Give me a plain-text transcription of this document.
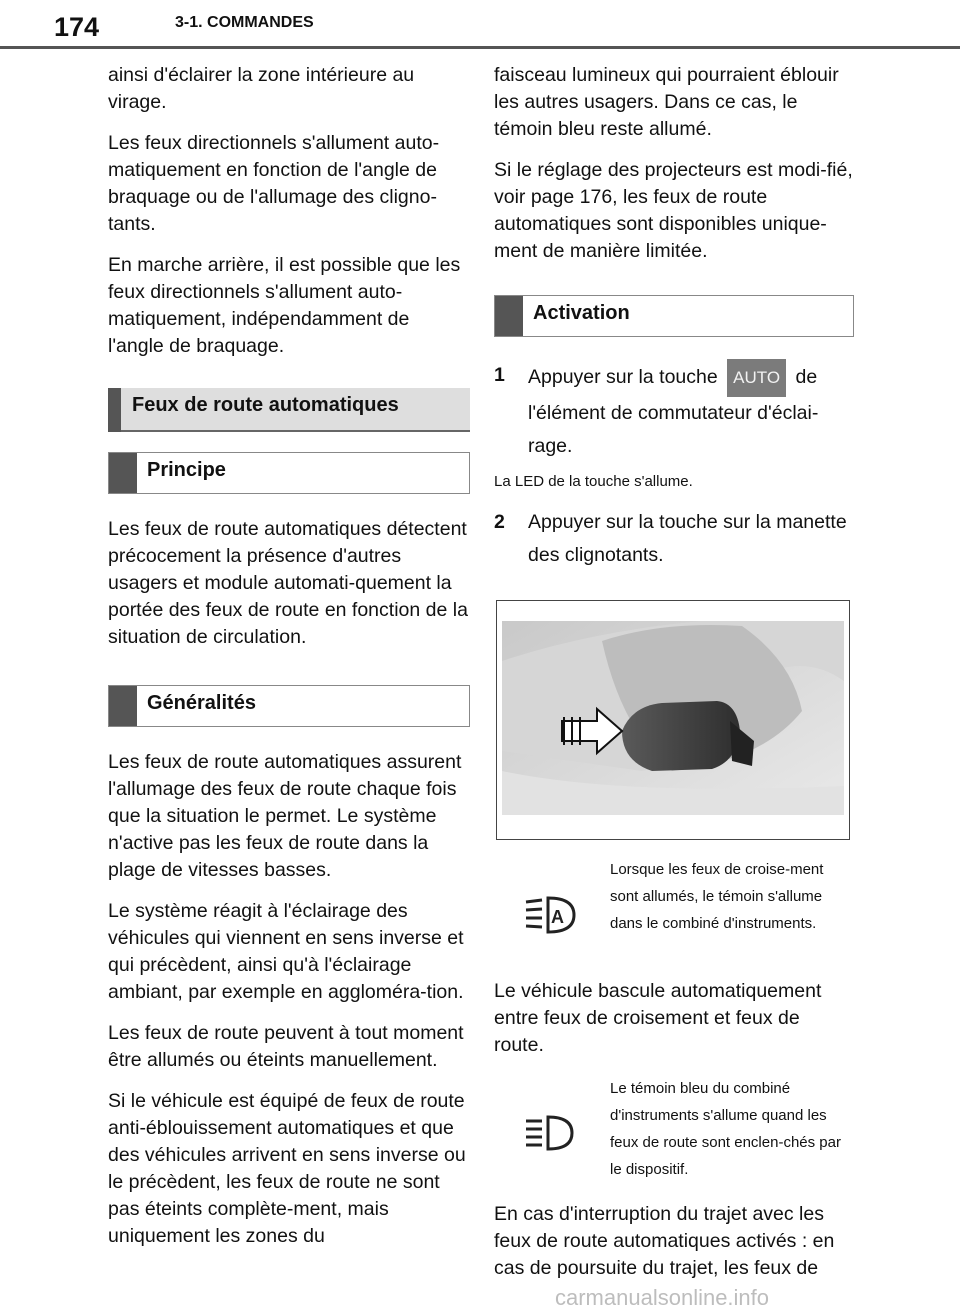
174	3-1. COMMANDES

ainsi d'éclairer la zone intérieure au virage.

Les feux directionnels s'allument auto-matiquement en fonction de l'angle de braquage ou de l'allumage des cligno-tants.

En marche arrière, il est possible que les feux directionnels s'allument auto-matiquement, indépendamment de l'angle de braquage.

Feux de route automatiques
Principe

Les feux de route automatiques détectent précocement la présence d'autres usagers et module automati-quement la portée des feux de route en fonction de la situation de circulation.

Généralités

Les feux de route automatiques assurent l'allumage des feux de route chaque fois que la situation le permet. Le système n'active pas les feux de route dans la plage de vitesses basses.

Le système réagit à l'éclairage des véhicules qui viennent en sens inverse et qui précèdent, ainsi qu'à l'éclairage ambiant, par exemple en aggloméra-tion.

Les feux de route peuvent à tout moment être allumés ou éteints manuellement.

Si le véhicule est équipé de feux de route anti-éblouissement automatiques et que des véhicules arrivent en sens inverse ou le précèdent, les feux de route ne sont pas éteints complète-ment, mais uniquement les zones du

faisceau lumineux qui pourraient éblouir les autres usagers. Dans ce cas, le témoin bleu reste allumé.

Si le réglage des projecteurs est modi-fié, voir page 176, les feux de route automatiques sont disponibles unique-ment de manière limitée.

Activation
1 Appuyer sur la touche AUTO de l'élément de commutateur d'éclai-rage.
La LED de la touche s'allume.
2 Appuyer sur la touche sur la manette des clignotants.
A
Lorsque les feux de croise-ment sont allumés, le témoin s'allume dans le combiné d'instruments.

Le véhicule bascule automatiquement entre feux de croisement et feux de route.

Le témoin bleu du combiné d'instruments s'allume quand les feux de route sont enclen-chés par le dispositif.

En cas d'interruption du trajet avec les feux de route automatiques activés : en cas de poursuite du trajet, les feux de

carmanualsonline.info
